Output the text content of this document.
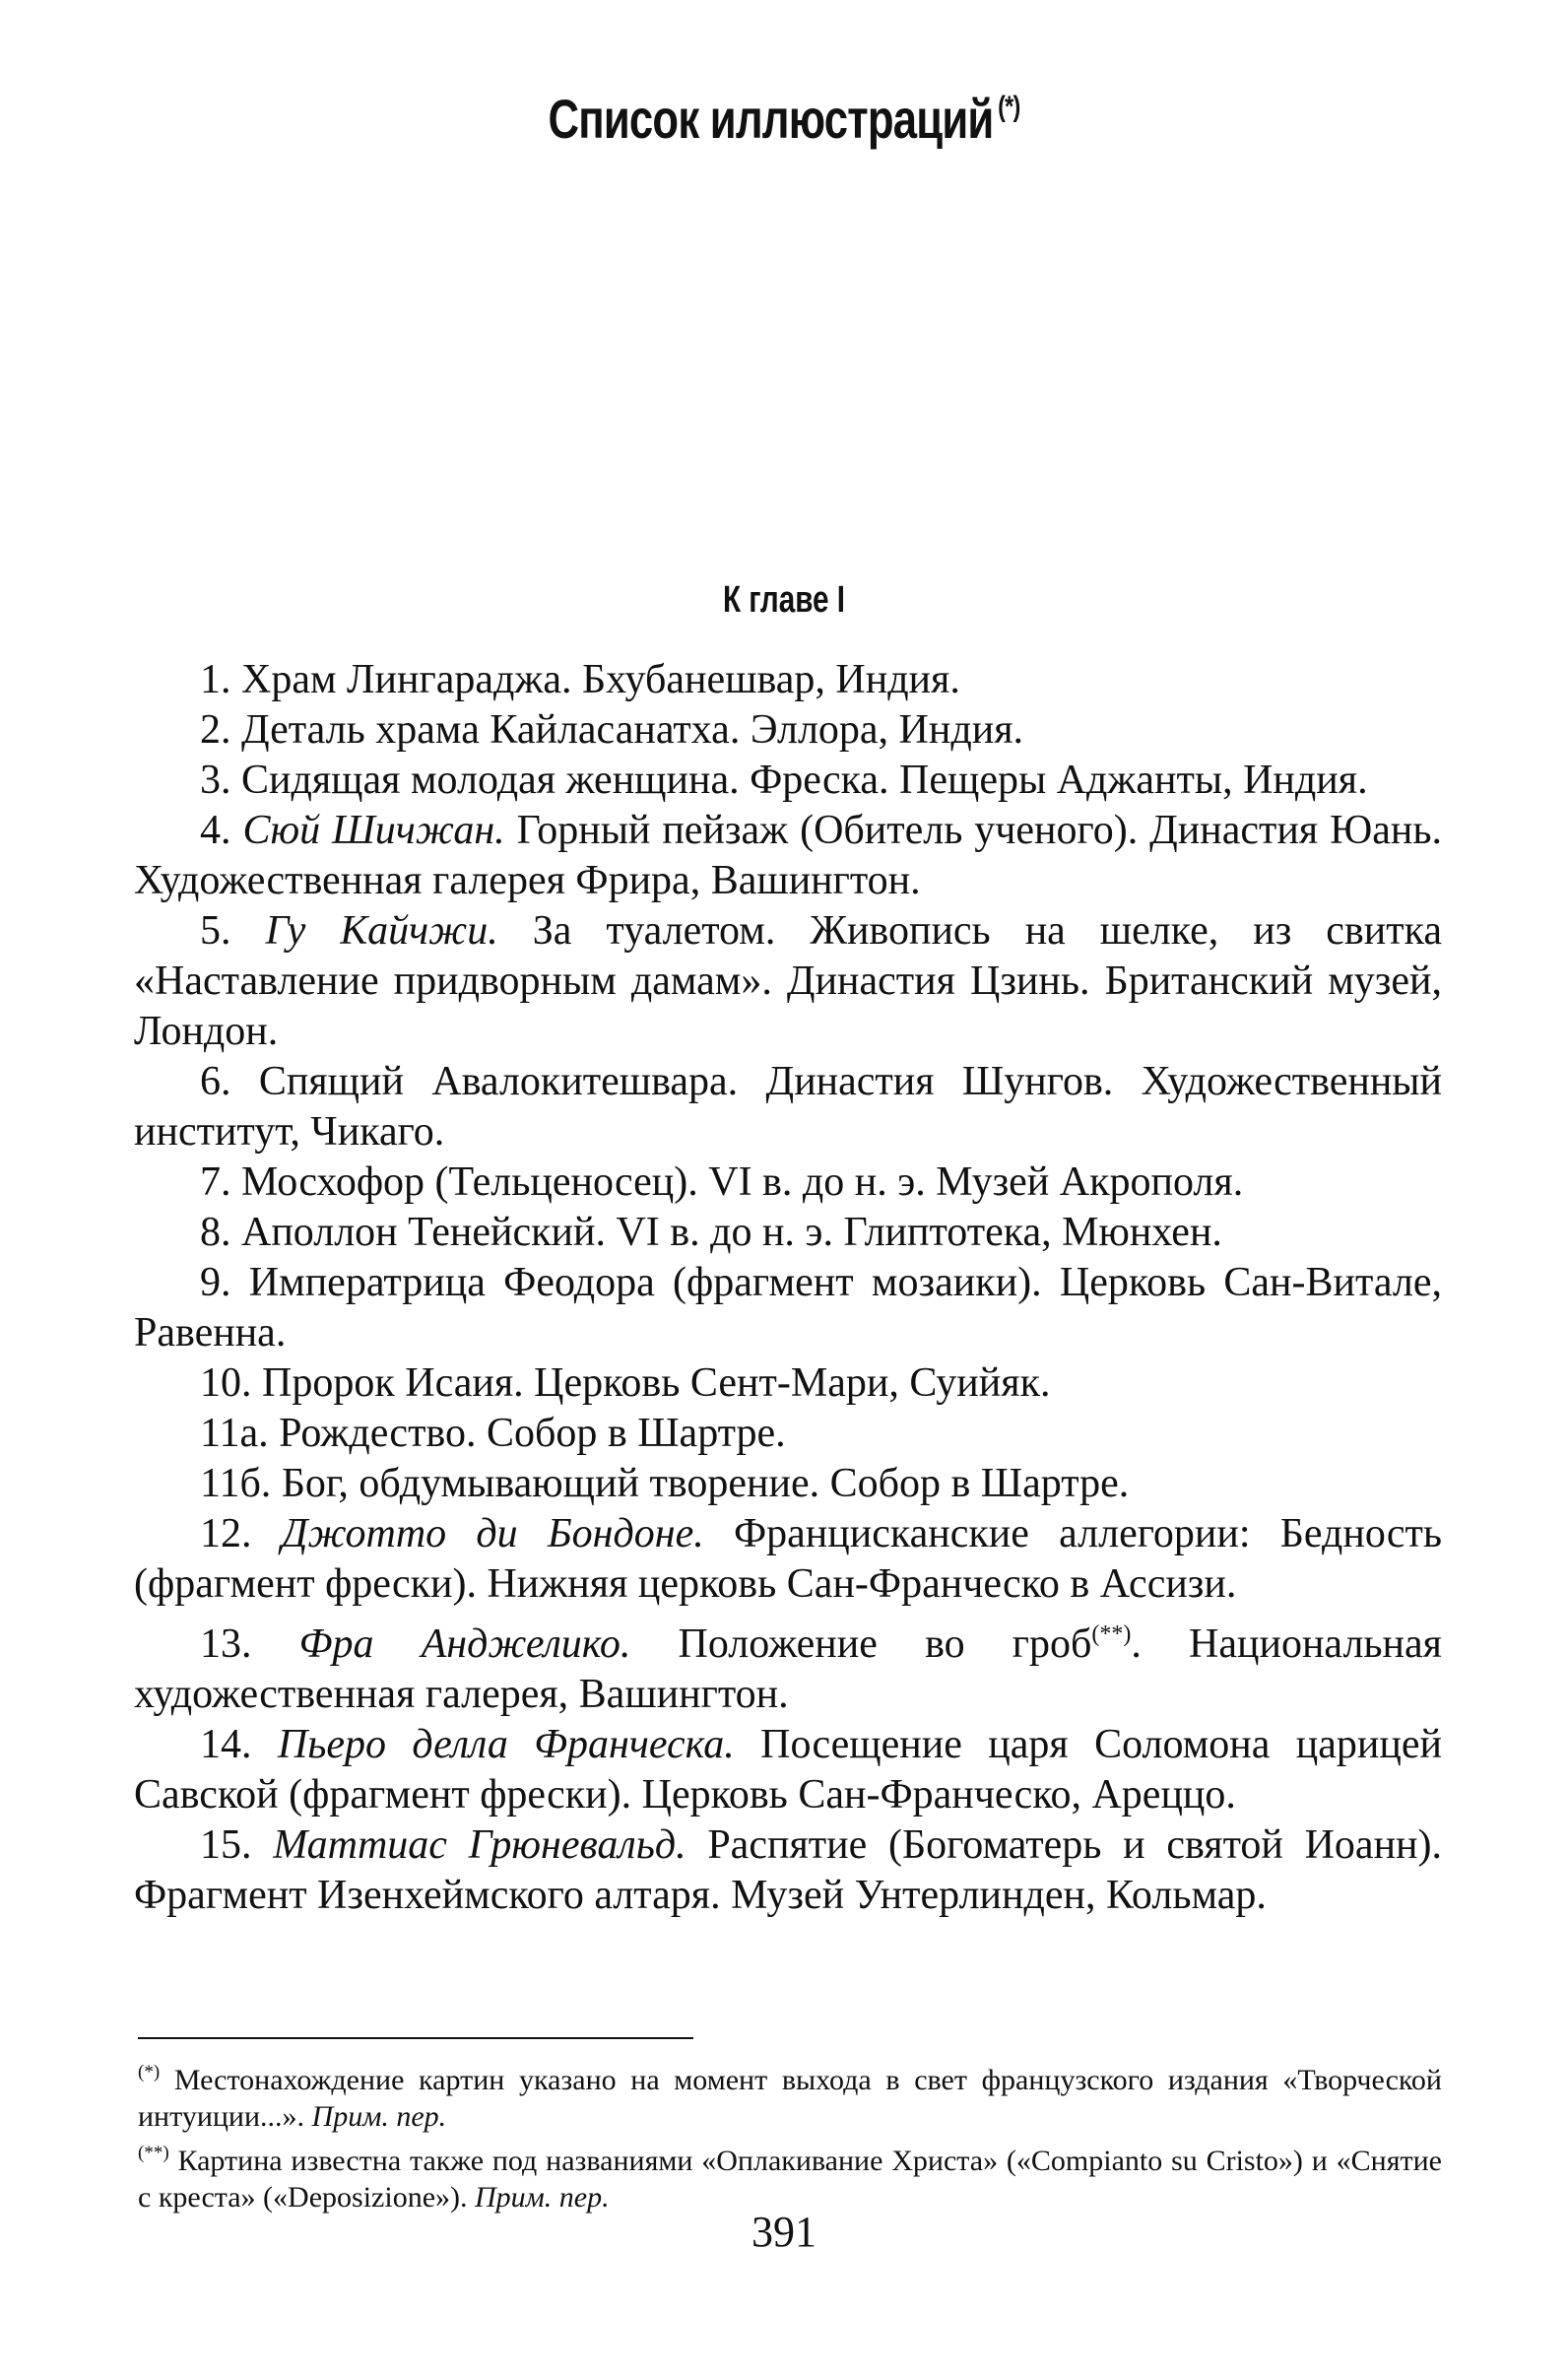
Список иллюстраций (*)
К главе I

1. Храм Лингараджа. Бхубанешвар, Индия.

2. Деталь храма Кайласанатха. Эллора, Индия.

3. Сидящая молодая женщина. Фреска. Пещеры Аджанты, Индия.

4. Сюй Шичжан. Горный пейзаж (Обитель ученого). Династия Юань. Художественная галерея Фрира, Вашингтон.

5. Гу Кайчжи. За туалетом. Живопись на шелке, из свитка «Наставление придворным дамам». Династия Цзинь. Британский музей, Лондон.

6. Спящий Авалокитешвара. Династия Шунгов. Художественный институт, Чикаго.

7. Мосхофор (Тельценосец). VI в. до н. э. Музей Акрополя.

8. Аполлон Тенейский. VI в. до н. э. Глиптотека, Мюнхен.

9. Императрица Феодора (фрагмент мозаики). Церковь Сан-Витале, Равенна.

10. Пророк Исаия. Церковь Сент-Мари, Суийяк.

11а. Рождество. Собор в Шартре.

11б. Бог, обдумывающий творение. Собор в Шартре.

12. Джотто ди Бондоне. Францисканские аллегории: Бедность (фрагмент фрески). Нижняя церковь Сан-Франческо в Ассизи.

13. Фра Анджелико. Положение во гроб(**). Национальная художественная галерея, Вашингтон.

14. Пьеро делла Франческа. Посещение царя Соломона царицей Савской (фрагмент фрески). Церковь Сан-Франческо, Ареццо.

15. Маттиас Грюневальд. Распятие (Богоматерь и святой Иоанн). Фрагмент Изенхеймского алтаря. Музей Унтерлинден, Кольмар.

(*) Местонахождение картин указано на момент выхода в свет французского издания «Творческой интуиции...». Прим. пер.

(**) Картина известна также под названиями «Оплакивание Христа» («Compianto su Cristo») и «Снятие с креста» («Deposizione»). Прим. пер.

391
